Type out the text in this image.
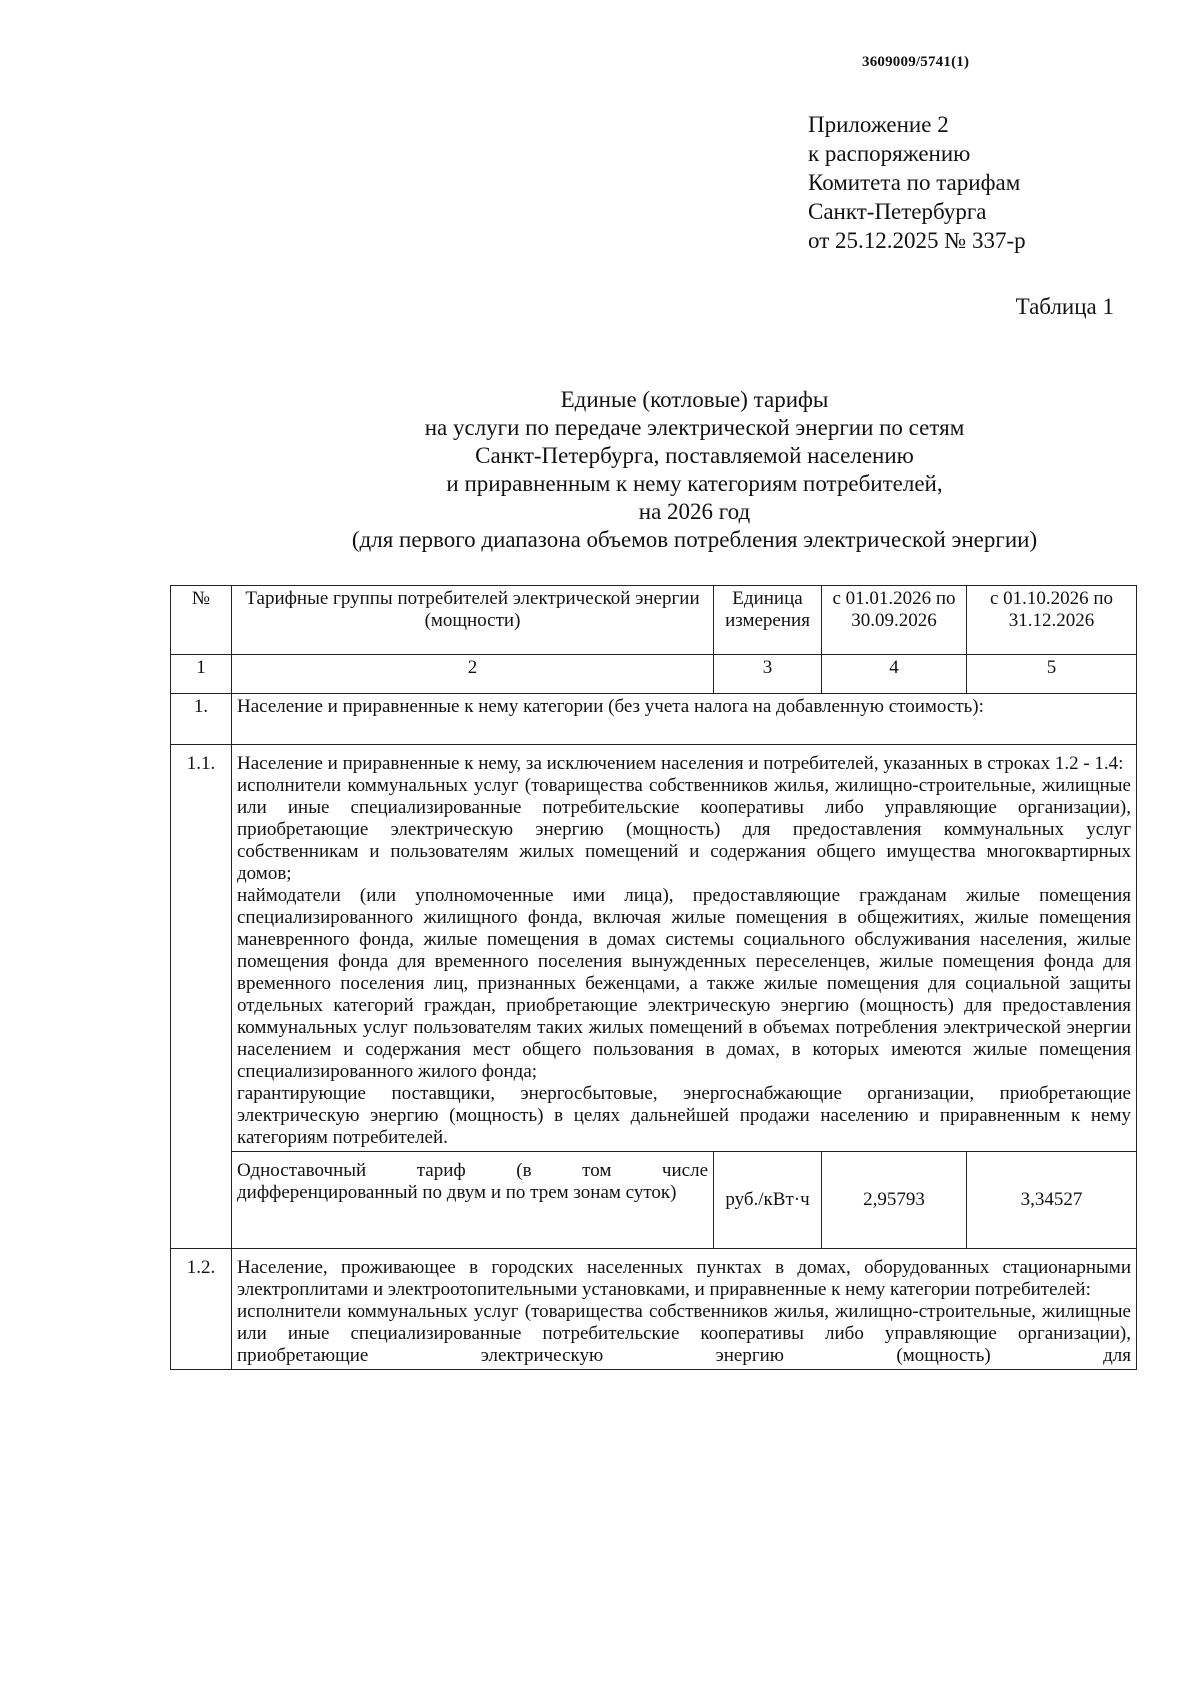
3609009/5741(1)
Приложение 2
к распоряжению
Комитета по тарифам
Санкт-Петербурга
от 25.12.2025 № 337-р
Таблица 1
Единые (котловые) тарифы
на услуги по передаче электрической энергии по сетям
Санкт-Петербурга, поставляемой населению
и приравненным к нему категориям потребителей,
на 2026 год
(для первого диапазона объемов потребления электрической энергии)
№	Тарифные группы потребителей электрической энергии (мощности)	Единица измерения	с 01.01.2026 по 30.09.2026	с 01.10.2026 по 31.12.2026
1	2	3	4	5
1.	Население и приравненные к нему категории (без учета налога на добавленную стоимость):			
1.1.	Население и приравненные к нему, за исключением населения и потребителей, указанных в строках 1.2 - 1.4:

исполнители коммунальных услуг (товарищества собственников жилья, жилищно-строительные, жилищные или иные специализированные потребительские кооперативы либо управляющие организации), приобретающие электрическую энергию (мощность) для предоставления коммунальных услуг собственникам и пользователям жилых помещений и содержания общего имущества многоквартирных домов;

наймодатели (или уполномоченные ими лица), предоставляющие гражданам жилые помещения специализированного жилищного фонда, включая жилые помещения в общежитиях, жилые помещения маневренного фонда, жилые помещения в домах системы социального обслуживания населения, жилые помещения фонда для временного поселения вынужденных переселенцев, жилые помещения фонда для временного поселения лиц, признанных беженцами, а также жилые помещения для социальной защиты отдельных категорий граждан, приобретающие электрическую энергию (мощность) для предоставления коммунальных услуг пользователям таких жилых помещений в объемах потребления электрической энергии населением и содержания мест общего пользования в домах, в которых имеются жилые помещения специализированного жилого фонда;

гарантирующие поставщики, энергосбытовые, энергоснабжающие организации, приобретающие электрическую энергию (мощность) в целях дальнейшей продажи населению и приравненным к нему категориям потребителей.			

	Одноставочный тариф (в том числе дифференцированный по двум и по трем зонам суток)	руб./кВт·ч	2,95793	3,34527
1.2.	Население, проживающее в городских населенных пунктах в домах, оборудованных стационарными электроплитами и электроотопительными установками, и приравненные к нему категории потребителей:

исполнители коммунальных услуг (товарищества собственников жилья, жилищно-строительные, жилищные или иные специализированные потребительские кооперативы либо управляющие организации), приобретающие электрическую энергию (мощность) для			
